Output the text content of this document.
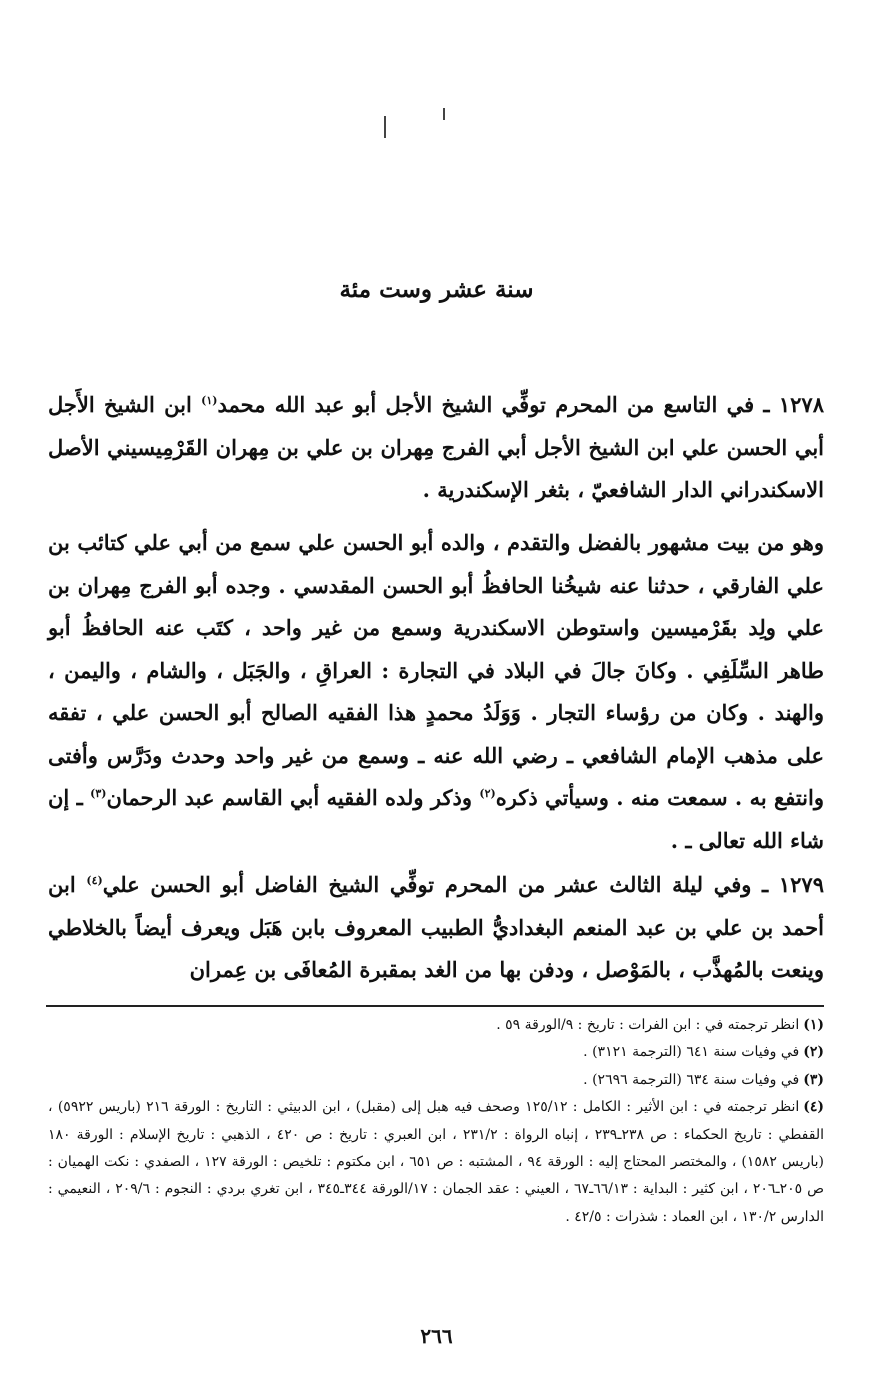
سنة عشر وست مئة

١٢٧٨ ـ في التاسع من المحرم توفِّي الشيخ الأجل أبو عبد الله محمد$^{(١)}$ ابن الشيخ الأَجل أبي الحسن علي ابن الشيخ الأجل أبي الفرج مِهران بن علي بن مِهران القَرْمِيسيني الأصل الاسكندراني الدار الشافعيّ ، بثغر الإسكندرية .

وهو من بيت مشهور بالفضل والتقدم ، والده أبو الحسن علي سمع من أبي علي كتائب بن علي الفارقي ، حدثنا عنه شيخُنا الحافظُ أبو الحسن المقدسي . وجده أبو الفرج مِهران بن علي ولِد بقَرْميسين واستوطن الاسكندرية وسمع من غير واحد ، كتَب عنه الحافظُ أبو طاهر السِّلَفِي . وكانَ جالَ في البلاد في التجارة : العراقِ ، والجَبَل ، والشام ، واليمن ، والهند . وكان من رؤساء التجار . وَوَلَدُ محمدٍ هذا الفقيه الصالح أبو الحسن علي ، تفقه على مذهب الإمام الشافعي ـ رضي الله عنه ـ وسمع من غير واحد وحدث ودَرَّس وأفتى وانتفع به . سمعت منه . وسيأتي ذكره$^{(٢)}$ وذكر ولده الفقيه أبي القاسم عبد الرحمان$^{(٣)}$ ـ إن شاء الله تعالى ـ .

١٢٧٩ ـ وفي ليلة الثالث عشر من المحرم توفِّي الشيخ الفاضل أبو الحسن علي$^{(٤)}$ ابن أحمد بن علي بن عبد المنعم البغداديُّ الطبيب المعروف بابن هَبَل ويعرف أيضاً بالخلاطي وينعت بالمُهذَّب ، بالمَوْصل ، ودفن بها من الغد بمقبرة المُعافَى بن عِمران

(١)انظر ترجمته في : ابن الفرات : تاريخ : ٩/الورقة ٥٩ .
(٢)في وفيات سنة ٦٤١ (الترجمة ٣١٢١) .
(٣)في وفيات سنة ٦٣٤ (الترجمة ٢٦٩٦) .
(٤)انظر ترجمته في : ابن الأثير : الكامل : ١٢٥/١٢ وصحف فيه هبل إلى (مقبل) ، ابن الدبيثي : التاريخ : الورقة ٢١٦ (باريس ٥٩٢٢) ، القفطي : تاريخ الحكماء : ص ٢٣٨ـ٢٣٩ ، إنباه الرواة : ٢٣١/٢ ، ابن العبري : تاريخ : ص ٤٢٠ ، الذهبي : تاريخ الإسلام : الورقة ١٨٠ (باريس ١٥٨٢) ، والمختصر المحتاج إليه : الورقة ٩٤ ، المشتبه : ص ٦٥١ ، ابن مكتوم : تلخيص : الورقة ١٢٧ ، الصفدي : نكت الهميان : ص ٢٠٥ـ٢٠٦ ، ابن كثير : البداية : ٦٦/١٣ـ٦٧ ، العيني : عقد الجمان : ١٧/الورقة ٣٤٤ـ٣٤٥ ، ابن تغري بردي : النجوم : ٢٠٩/٦ ، النعيمي : الدارس ١٣٠/٢ ، ابن العماد : شذرات : ٤٢/٥ .

٢٦٦
